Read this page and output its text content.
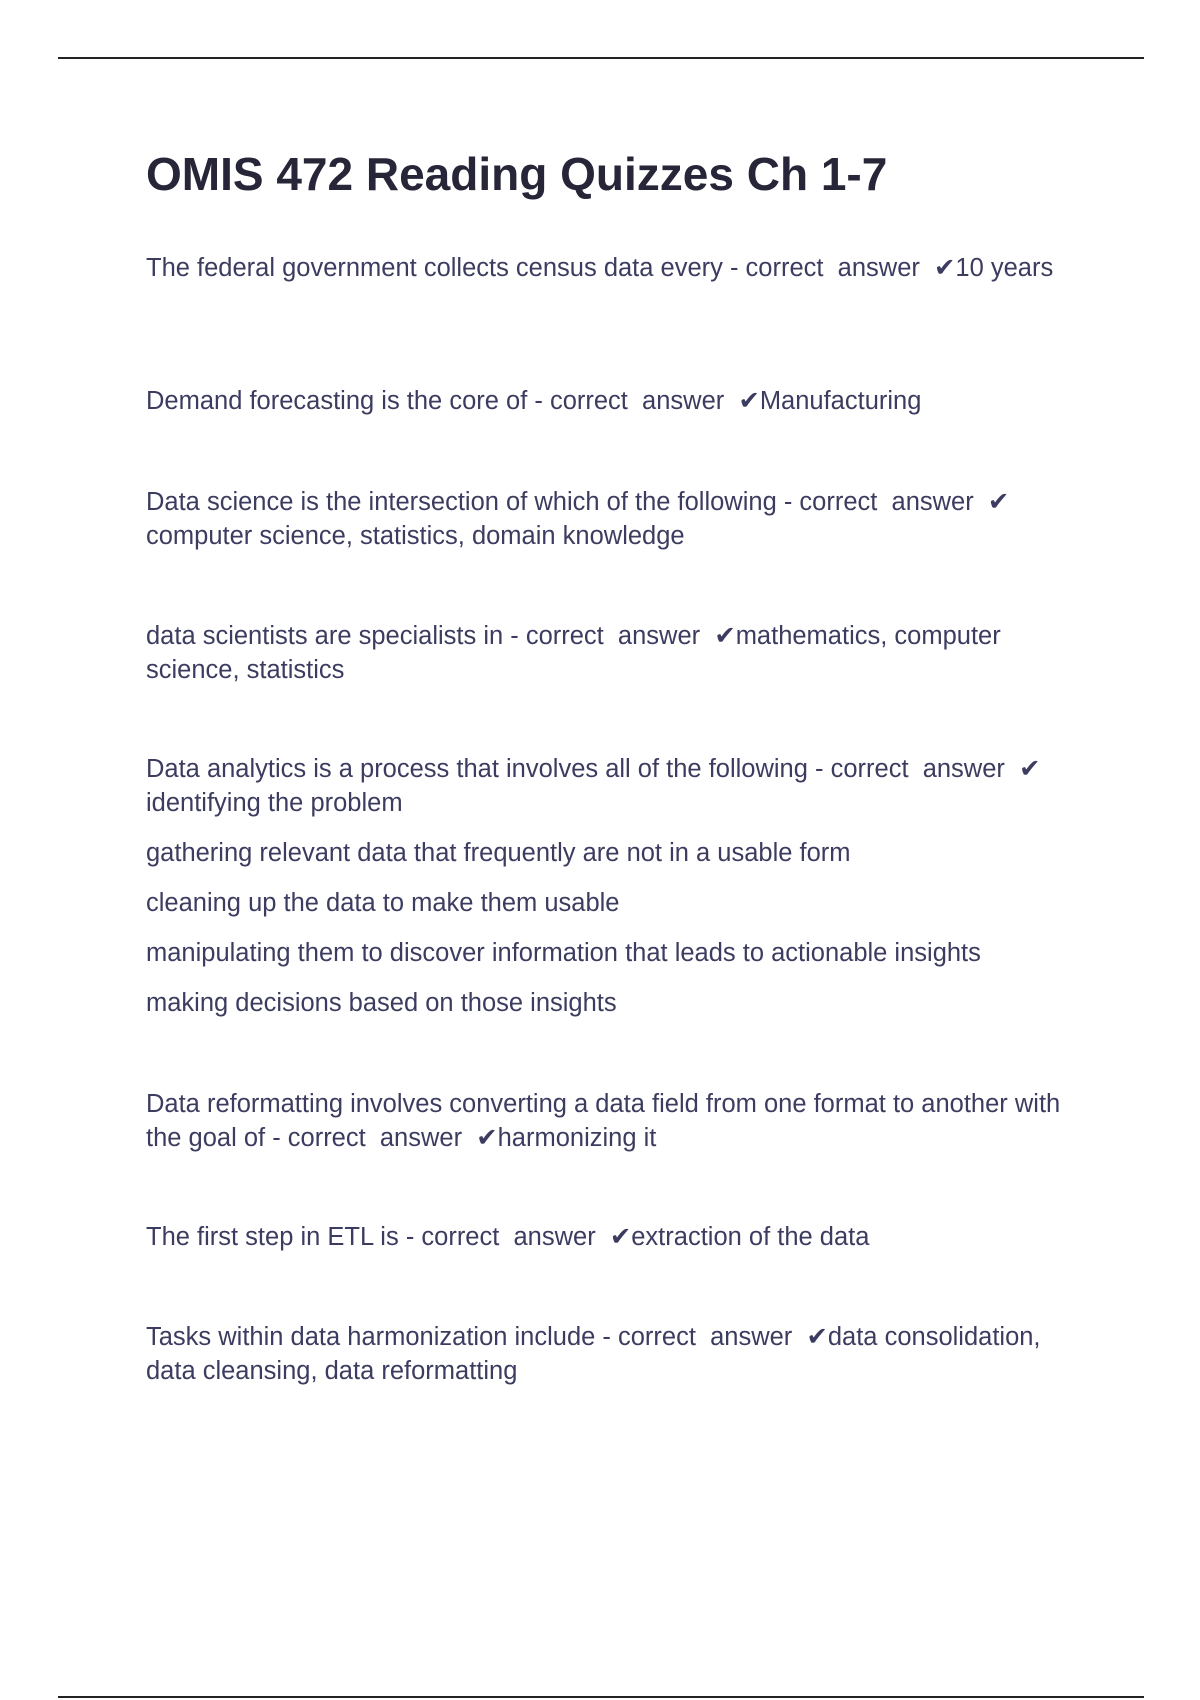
OMIS 472 Reading Quizzes Ch 1-7

The federal government collects census data every - correct  answer  ✔10 years

Demand forecasting is the core of - correct  answer  ✔Manufacturing

Data science is the intersection of which of the following - correct  answer  ✔computer science, statistics, domain knowledge

data scientists are specialists in - correct  answer  ✔mathematics, computer science, statistics

Data analytics is a process that involves all of the following - correct  answer  ✔identifying the problem

gathering relevant data that frequently are not in a usable form

cleaning up the data to make them usable

manipulating them to discover information that leads to actionable insights

making decisions based on those insights

Data reformatting involves converting a data field from one format to another with the goal of - correct  answer  ✔harmonizing it

The first step in ETL is - correct  answer  ✔extraction of the data

Tasks within data harmonization include - correct  answer  ✔data consolidation, data cleansing, data reformatting
